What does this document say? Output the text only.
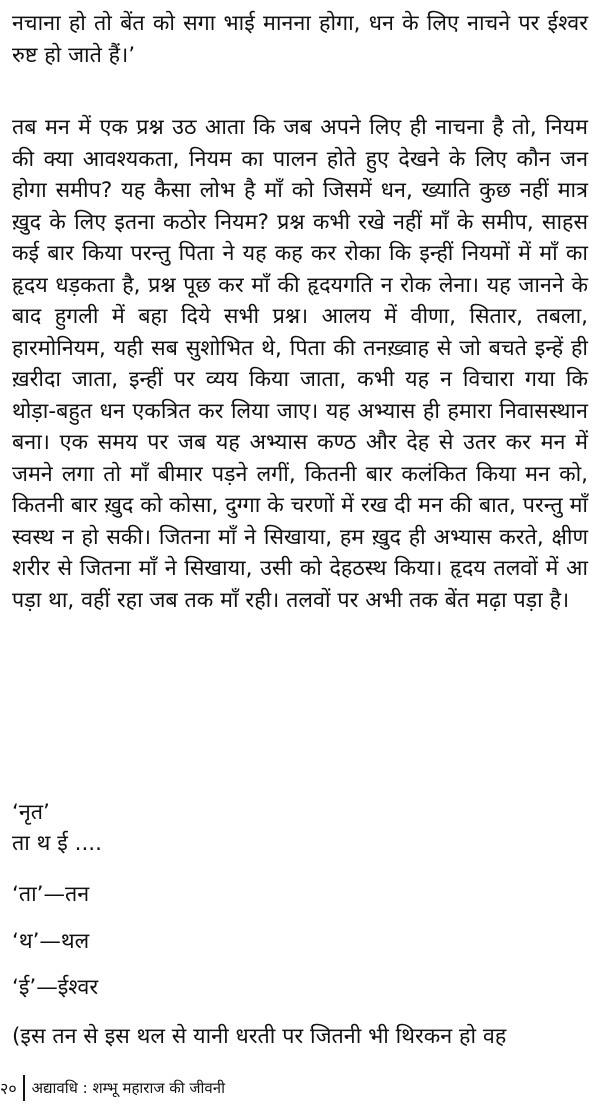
नचाना हो तो बेंत को सगा भाई मानना होगा, धन के लिए नाचने पर ईश्वर रुष्ट हो जाते हैं।’

तब मन में एक प्रश्न उठ आता कि जब अपने लिए ही नाचना है तो, नियम की क्या आवश्यकता, नियम का पालन होते हुए देखने के लिए कौन जन होगा समीप? यह कैसा लोभ है माँ को जिसमें धन, ख्याति कुछ नहीं मात्र ख़ुद के लिए इतना कठोर नियम? प्रश्न कभी रखे नहीं माँ के समीप, साहस कई बार किया परन्तु पिता ने यह कह कर रोका कि इन्हीं नियमों में माँ का हृदय धड़कता है, प्रश्न पूछ कर माँ की हृदयगति न रोक लेना। यह जानने के बाद हुगली में बहा दिये सभी प्रश्न। आलय में वीणा, सितार, तबला, हारमोनियम, यही सब सुशोभित थे, पिता की तनख़्वाह से जो बचते इन्हें ही ख़रीदा जाता, इन्हीं पर व्यय किया जाता, कभी यह न विचारा गया कि थोड़ा-बहुत धन एकत्रित कर लिया जाए। यह अभ्यास ही हमारा निवासस्थान बना। एक समय पर जब यह अभ्यास कण्ठ और देह से उतर कर मन में जमने लगा तो माँ बीमार पड़ने लगीं, कितनी बार कलंकित किया मन को, कितनी बार ख़ुद को कोसा, दुग्गा के चरणों में रख दी मन की बात, परन्तु माँ स्वस्थ न हो सकी। जितना माँ ने सिखाया, हम ख़ुद ही अभ्यास करते, क्षीण शरीर से जितना माँ ने सिखाया, उसी को देहठस्थ किया। हृदय तलवों में आ पड़ा था, वहीं रहा जब तक माँ रही। तलवों पर अभी तक बेंत मढ़ा पड़ा है।

‘नृत’

ता थ ई ....

‘ता’—तन

‘थ’—थल

‘ई’—ईश्वर

(इस तन से इस थल से यानी धरती पर जितनी भी थिरकन हो वह

२०	अद्यावधि : शम्भू महाराज की जीवनी
